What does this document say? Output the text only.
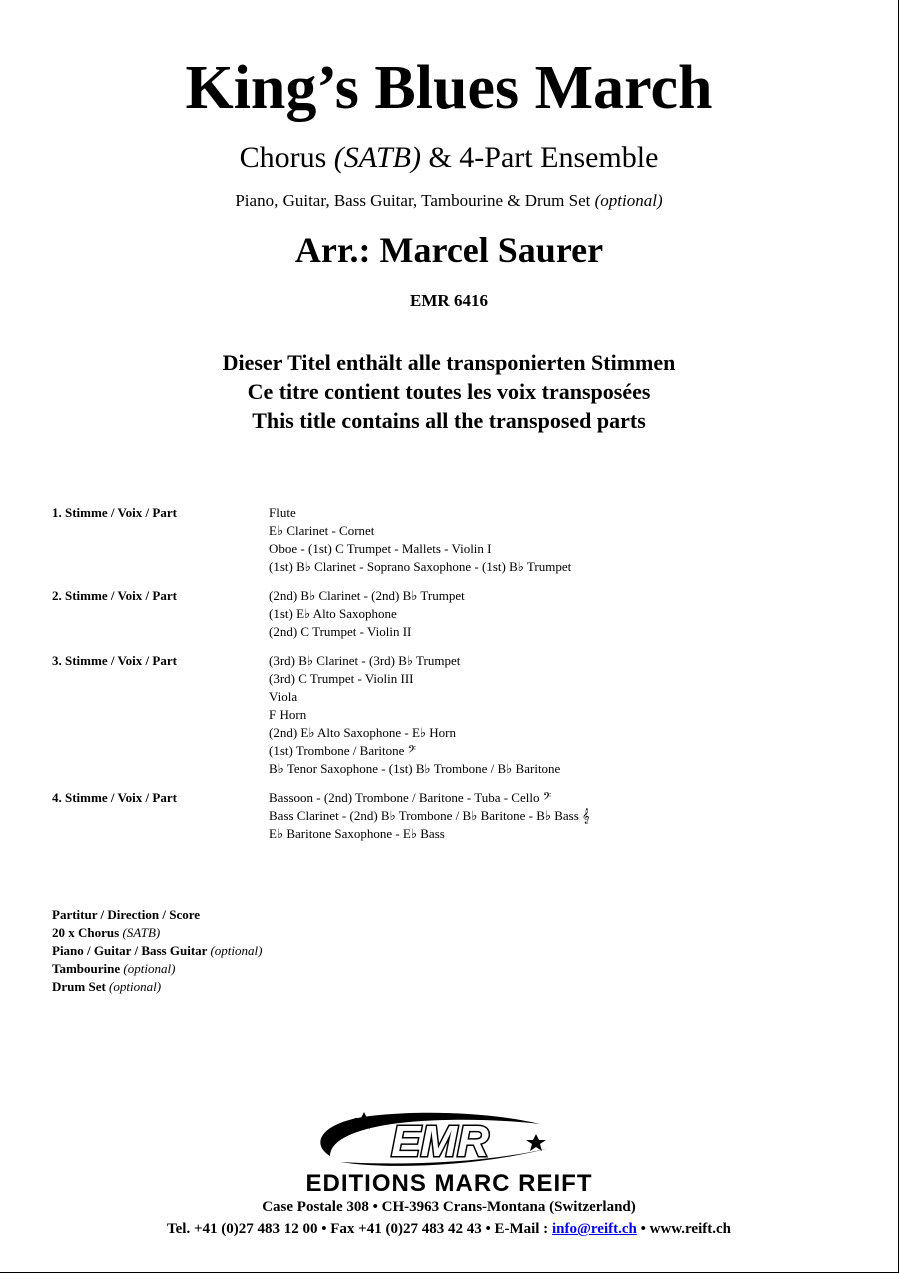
King’s Blues March
Chorus (SATB) & 4-Part Ensemble
Piano, Guitar, Bass Guitar, Tambourine & Drum Set (optional)
Arr.: Marcel Saurer
EMR 6416
Dieser Titel enthält alle transponierten Stimmen
Ce titre contient toutes les voix transposées
This title contains all the transposed parts
1. Stimme / Voix / Part	Flute
E♭ Clarinet - Cornet
Oboe - (1st) C Trumpet - Mallets - Violin I
(1st) B♭ Clarinet - Soprano Saxophone - (1st) B♭ Trumpet
2. Stimme / Voix / Part	(2nd) B♭ Clarinet - (2nd) B♭ Trumpet
(1st) E♭ Alto Saxophone
(2nd) C Trumpet - Violin II
3. Stimme / Voix / Part	(3rd) B♭ Clarinet - (3rd) B♭ Trumpet
(3rd) C Trumpet - Violin III
Viola
F Horn
(2nd) E♭ Alto Saxophone - E♭ Horn
(1st) Trombone / Baritone 𝄢
B♭ Tenor Saxophone - (1st) B♭ Trombone / B♭ Baritone
4. Stimme / Voix / Part	Bassoon - (2nd) Trombone / Baritone - Tuba - Cello 𝄢
Bass Clarinet - (2nd) B♭ Trombone / B♭ Baritone - B♭ Bass 𝄞
E♭ Baritone Saxophone - E♭ Bass
Partitur / Direction / Score
20 x Chorus (SATB)
Piano / Guitar / Bass Guitar (optional)
Tambourine (optional)
Drum Set (optional)
EMR
EDITIONS MARC REIFT
Case Postale 308 • CH-3963 Crans-Montana (Switzerland)
Tel. +41 (0)27 483 12 00 • Fax +41 (0)27 483 42 43 • E-Mail : info@reift.ch • www.reift.ch
